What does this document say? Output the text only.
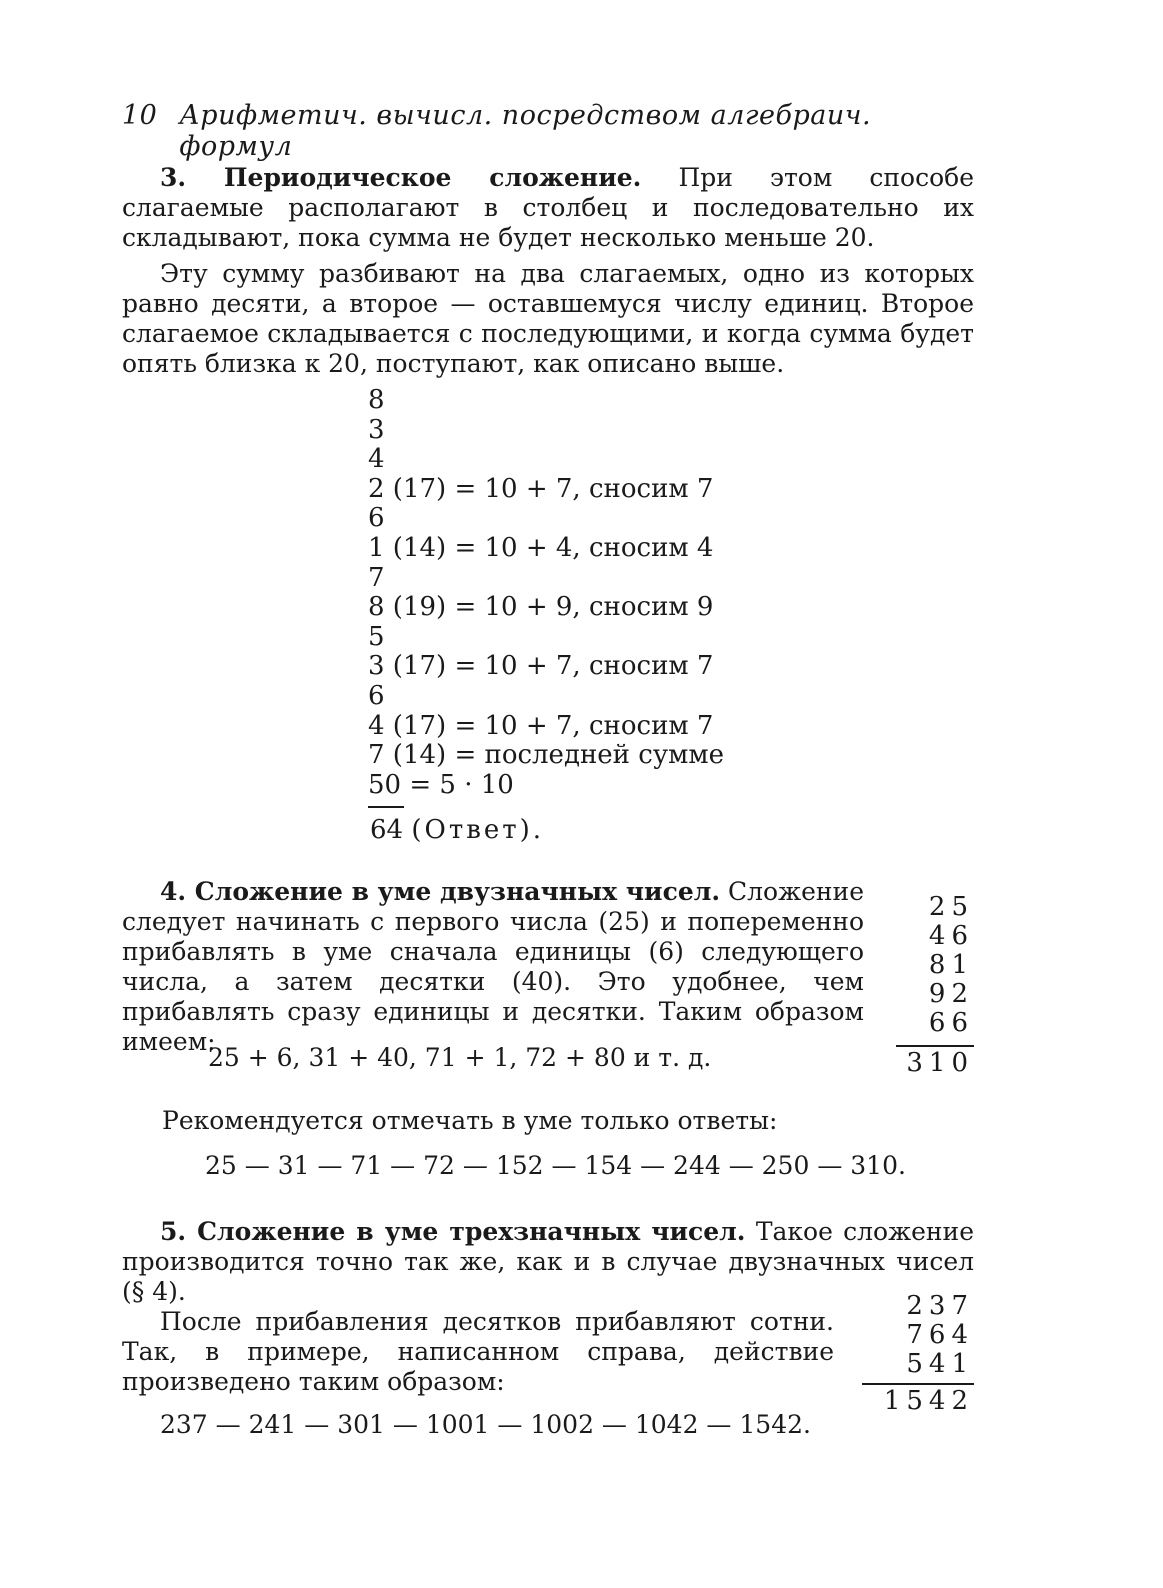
10 Арифметич. вычисл. посредством алгебраич. формул

3. Периодическое сложение. При этом способе слагаемые располагают в столбец и последовательно их складывают, пока сумма не будет несколько меньше 20.

Эту сумму разбивают на два слагаемых, одно из которых равно десяти, а второе — оставшемуся числу единиц. Второе слагаемое складывается с последующими, и когда сумма будет опять близка к 20, поступают, как описано выше.

8
3
4
2 (17) = 10 + 7, сносим 7
6
1 (14) = 10 + 4, сносим 4
7
8 (19) = 10 + 9, сносим 9
5
3 (17) = 10 + 7, сносим 7
6
4 (17) = 10 + 7, сносим 7
7 (14) = последней сумме
50 = 5 · 10
64 (Ответ).

4. Сложение в уме двузначных чисел. Сложение следует начинать с первого числа (25) и попеременно прибавлять в уме сначала единицы (6) следующего числа, а затем десятки (40). Это удобнее, чем прибавлять сразу единицы и десятки. Таким образом имеем:

25 + 6, 31 + 40, 71 + 1, 72 + 80 и т. д.
25
46
81
92
66
310
Рекомендуется отмечать в уме только ответы:
25 — 31 — 71 — 72 — 152 — 154 — 244 — 250 — 310.

5. Сложение в уме трехзначных чисел. Такое сложение производится точно так же, как и в случае двузначных чисел (§ 4).

После прибавления десятков прибавляют сотни. Так, в примере, написанном справа, действие произведено таким образом:

237
764
541
1542
237 — 241 — 301 — 1001 — 1002 — 1042 — 1542.
